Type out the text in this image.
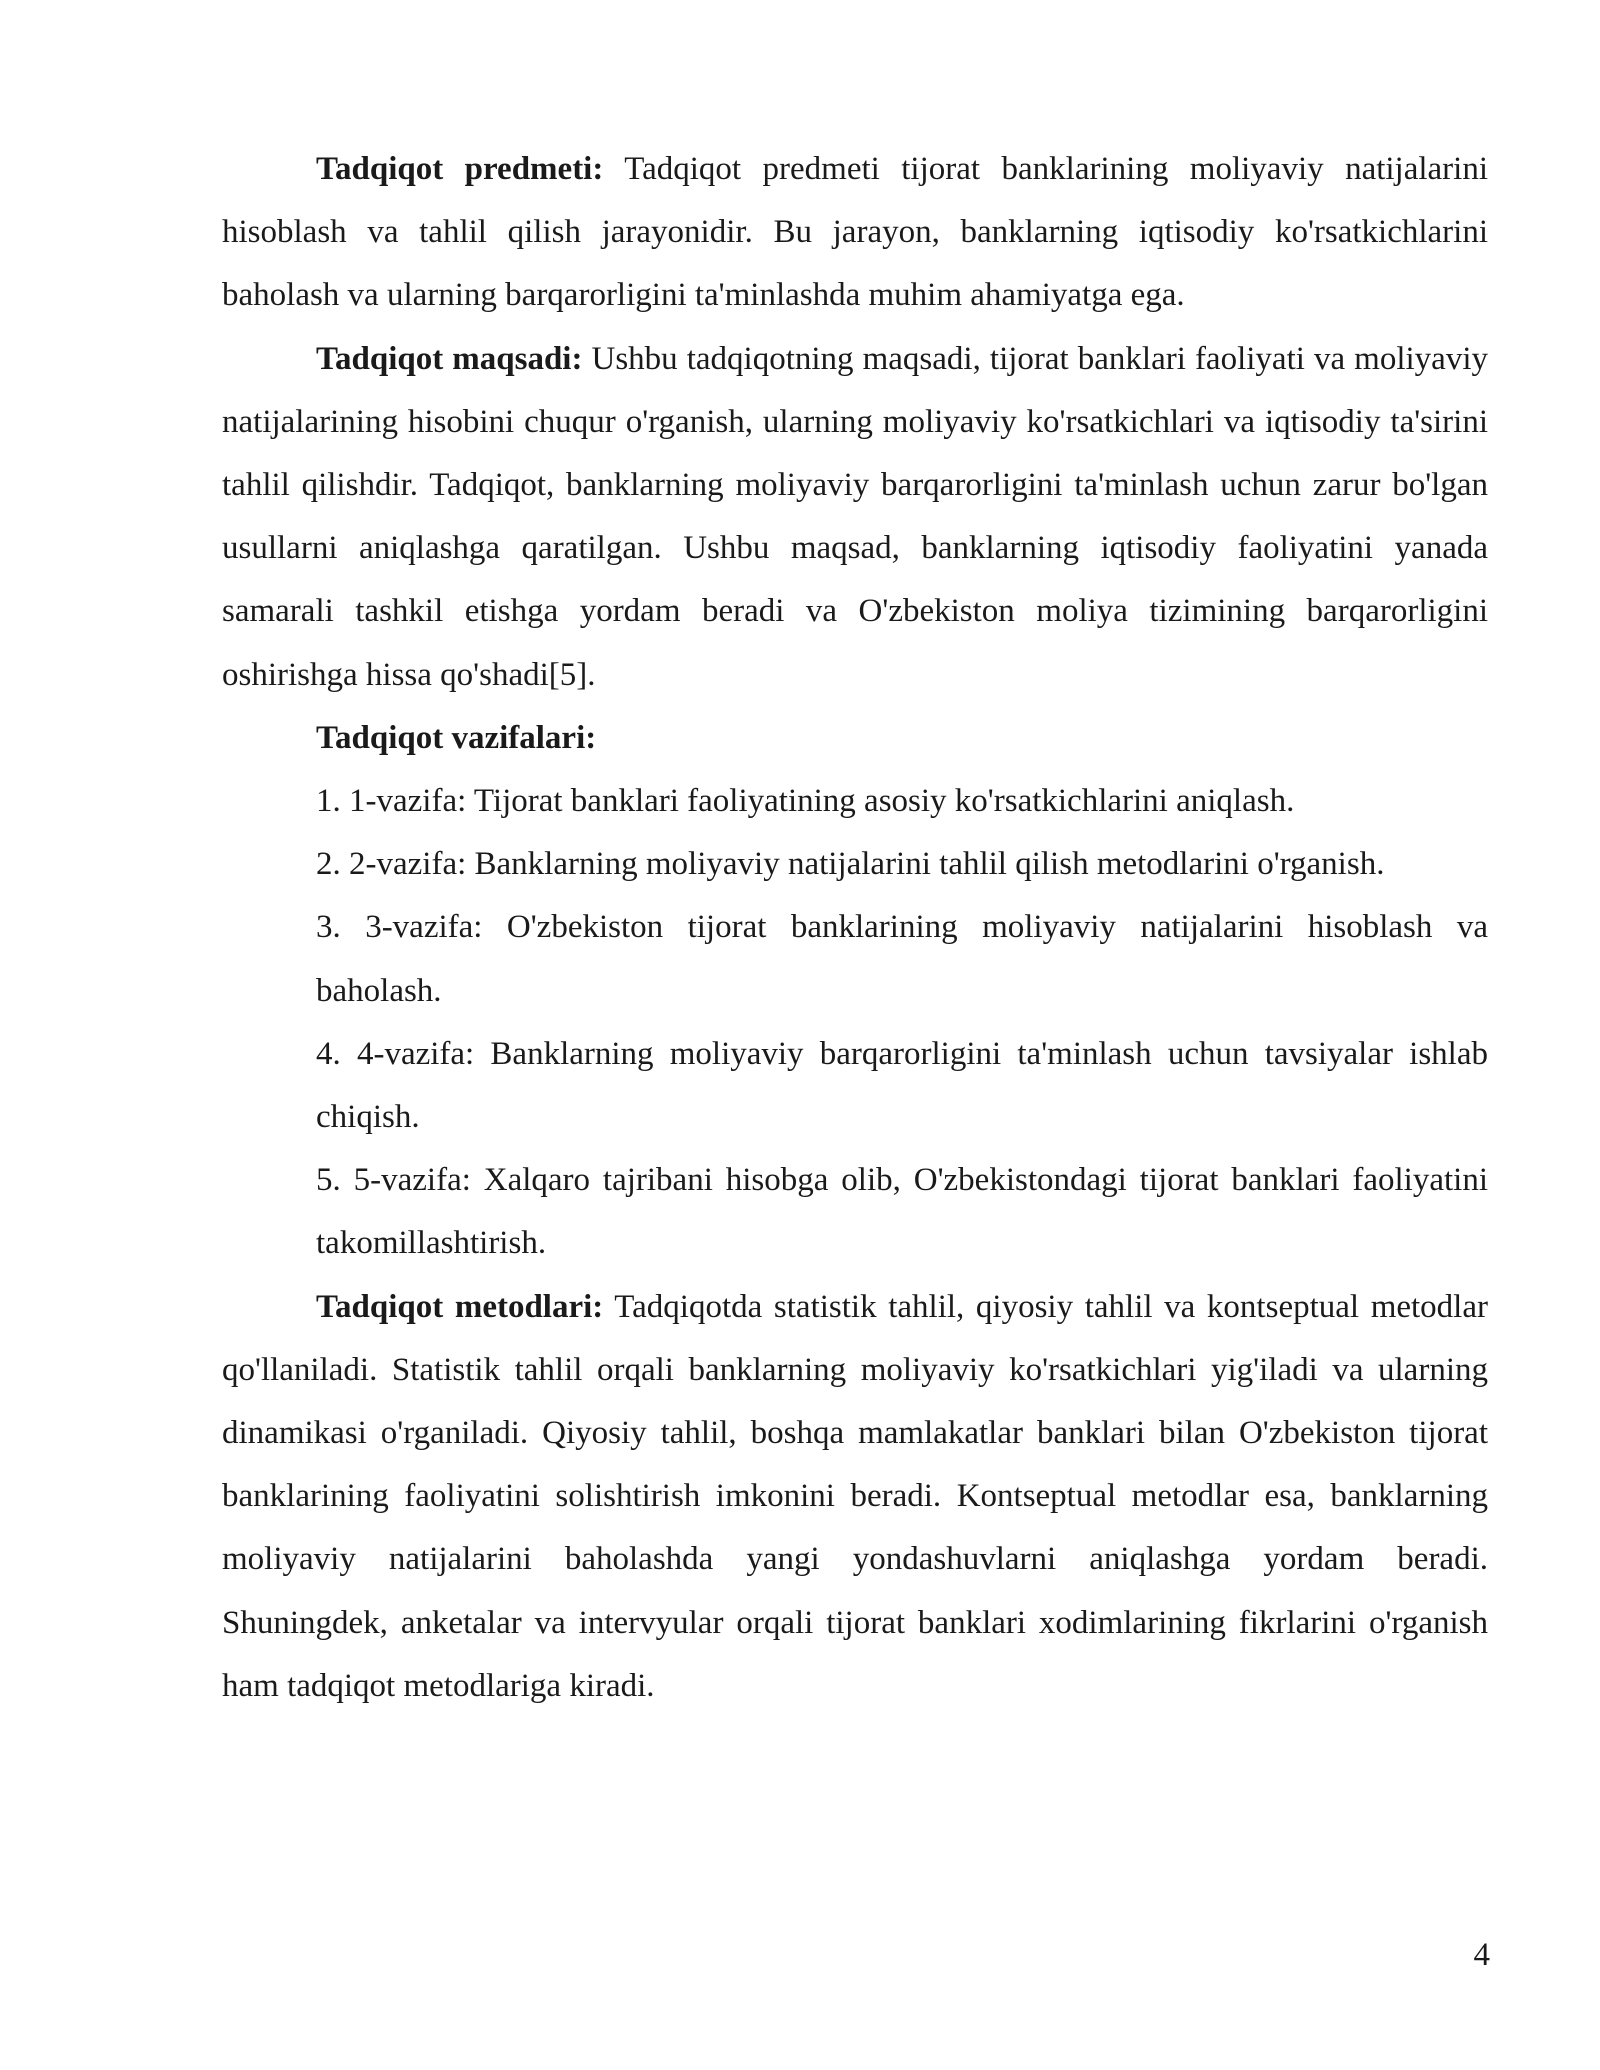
Tadqiqot predmeti: Tadqiqot predmeti tijorat banklarining moliyaviy natijalarini hisoblash va tahlil qilish jarayonidir. Bu jarayon, banklarning iqtisodiy ko'rsatkichlarini baholash va ularning barqarorligini ta'minlashda muhim ahamiyatga ega.

Tadqiqot maqsadi: Ushbu tadqiqotning maqsadi, tijorat banklari faoliyati va moliyaviy natijalarining hisobini chuqur o'rganish, ularning moliyaviy ko'rsatkichlari va iqtisodiy ta'sirini tahlil qilishdir. Tadqiqot, banklarning moliyaviy barqarorligini ta'minlash uchun zarur bo'lgan usullarni aniqlashga qaratilgan. Ushbu maqsad, banklarning iqtisodiy faoliyatini yanada samarali tashkil etishga yordam beradi va O'zbekiston moliya tizimining barqarorligini oshirishga hissa qo'shadi[5].

Tadqiqot vazifalari:

1. 1-vazifa: Tijorat banklari faoliyatining asosiy ko'rsatkichlarini aniqlash.

2. 2-vazifa: Banklarning moliyaviy natijalarini tahlil qilish metodlarini o'rganish.

3. 3-vazifa: O'zbekiston tijorat banklarining moliyaviy natijalarini hisoblash va baholash.

4. 4-vazifa: Banklarning moliyaviy barqarorligini ta'minlash uchun tavsiyalar ishlab chiqish.

5. 5-vazifa: Xalqaro tajribani hisobga olib, O'zbekistondagi tijorat banklari faoliyatini takomillashtirish.

Tadqiqot metodlari: Tadqiqotda statistik tahlil, qiyosiy tahlil va kontseptual metodlar qo'llaniladi. Statistik tahlil orqali banklarning moliyaviy ko'rsatkichlari yig'iladi va ularning dinamikasi o'rganiladi. Qiyosiy tahlil, boshqa mamlakatlar banklari bilan O'zbekiston tijorat banklarining faoliyatini solishtirish imkonini beradi. Kontseptual metodlar esa, banklarning moliyaviy natijalarini baholashda yangi yondashuvlarni aniqlashga yordam beradi. Shuningdek, anketalar va intervyular orqali tijorat banklari xodimlarining fikrlarini o'rganish ham tadqiqot metodlariga kiradi.

4
